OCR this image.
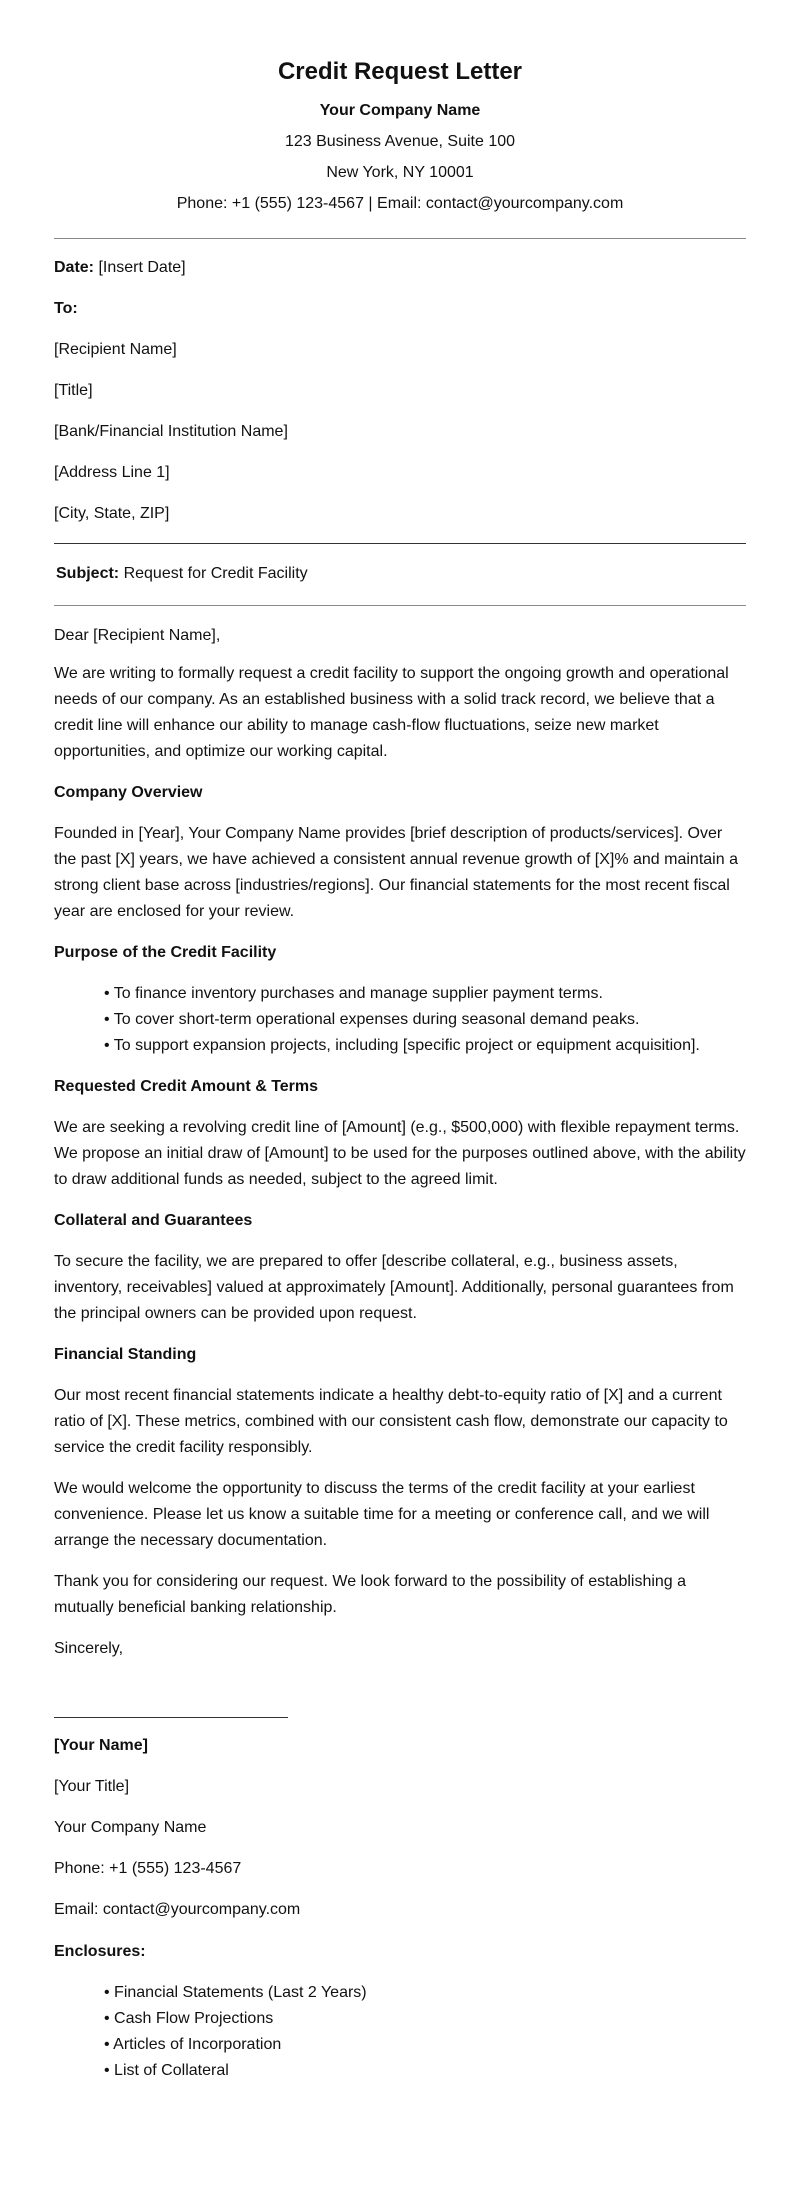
Credit Request Letter
Your Company Name
123 Business Avenue, Suite 100
New York, NY 10001
Phone: +1 (555) 123-4567 | Email: contact@yourcompany.com

Date: [Insert Date]

To:

[Recipient Name]

[Title]

[Bank/Financial Institution Name]

[Address Line 1]

[City, State, ZIP]

Subject: Request for Credit Facility

Dear [Recipient Name],

We are writing to formally request a credit facility to support the ongoing growth and operational needs of our company. As an established business with a solid track record, we believe that a credit line will enhance our ability to manage cash-flow fluctuations, seize new market opportunities, and optimize our working capital.

Company Overview

Founded in [Year], Your Company Name provides [brief description of products/services]. Over the past [X] years, we have achieved a consistent annual revenue growth of [X]% and maintain a strong client base across [industries/regions]. Our financial statements for the most recent fiscal year are enclosed for your review.

Purpose of the Credit Facility

• To finance inventory purchases and manage supplier payment terms.
• To cover short-term operational expenses during seasonal demand peaks.
• To support expansion projects, including [specific project or equipment acquisition].

Requested Credit Amount & Terms

We are seeking a revolving credit line of [Amount] (e.g., $500,000) with flexible repayment terms. We propose an initial draw of [Amount] to be used for the purposes outlined above, with the ability to draw additional funds as needed, subject to the agreed limit.

Collateral and Guarantees

To secure the facility, we are prepared to offer [describe collateral, e.g., business assets, inventory, receivables] valued at approximately [Amount]. Additionally, personal guarantees from the principal owners can be provided upon request.

Financial Standing

Our most recent financial statements indicate a healthy debt-to-equity ratio of [X] and a current ratio of [X]. These metrics, combined with our consistent cash flow, demonstrate our capacity to service the credit facility responsibly.

We would welcome the opportunity to discuss the terms of the credit facility at your earliest convenience. Please let us know a suitable time for a meeting or conference call, and we will arrange the necessary documentation.

Thank you for considering our request. We look forward to the possibility of establishing a mutually beneficial banking relationship.

Sincerely,

[Your Name]

[Your Title]

Your Company Name

Phone: +1 (555) 123-4567

Email: contact@yourcompany.com

Enclosures:

• Financial Statements (Last 2 Years)
• Cash Flow Projections
• Articles of Incorporation
• List of Collateral
